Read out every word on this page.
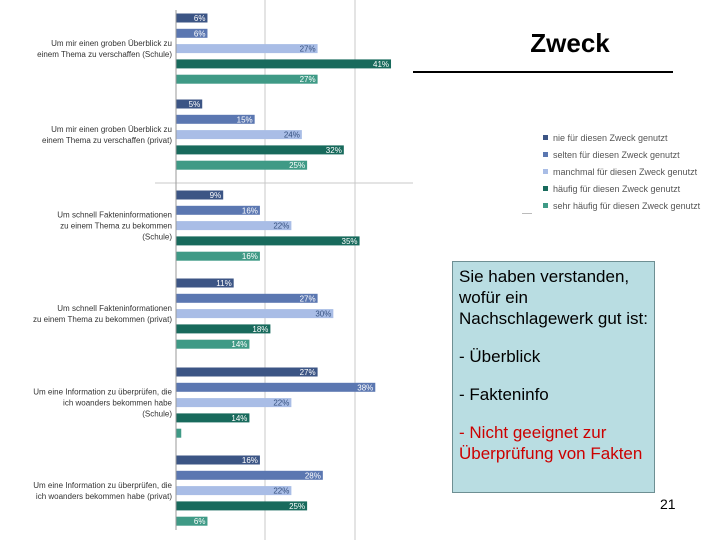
6%
6%
27%
41%
27%
Um mir einen groben Überblick zu
einem Thema zu verschaffen (Schule)
5%
15%
24%
32%
25%
Um mir einen groben Überblick zu
einem Thema zu verschaffen (privat)
9%
16%
22%
35%
16%
Um schnell Fakteninformationen
zu einem Thema zu bekommen
(Schule)
11%
27%
30%
18%
14%
Um schnell Fakteninformationen
zu einem Thema zu bekommen (privat)
27%
38%
22%
14%
Um eine Information zu überprüfen, die
ich woanders bekommen habe
(Schule)
16%
28%
22%
25%
6%
Um eine Information zu überprüfen, die
ich woanders bekommen habe (privat)
Zweck
nie für diesen Zweck genutzt
selten für diesen Zweck genutzt
manchmal für diesen Zweck genutzt
häufig für diesen Zweck genutzt
sehr häufig für diesen Zweck genutzt

Sie haben verstanden, wofür ein Nachschlagewerk gut ist:

- Überblick

- Fakteninfo

- Nicht geeignet zur Überprüfung von Fakten

21
